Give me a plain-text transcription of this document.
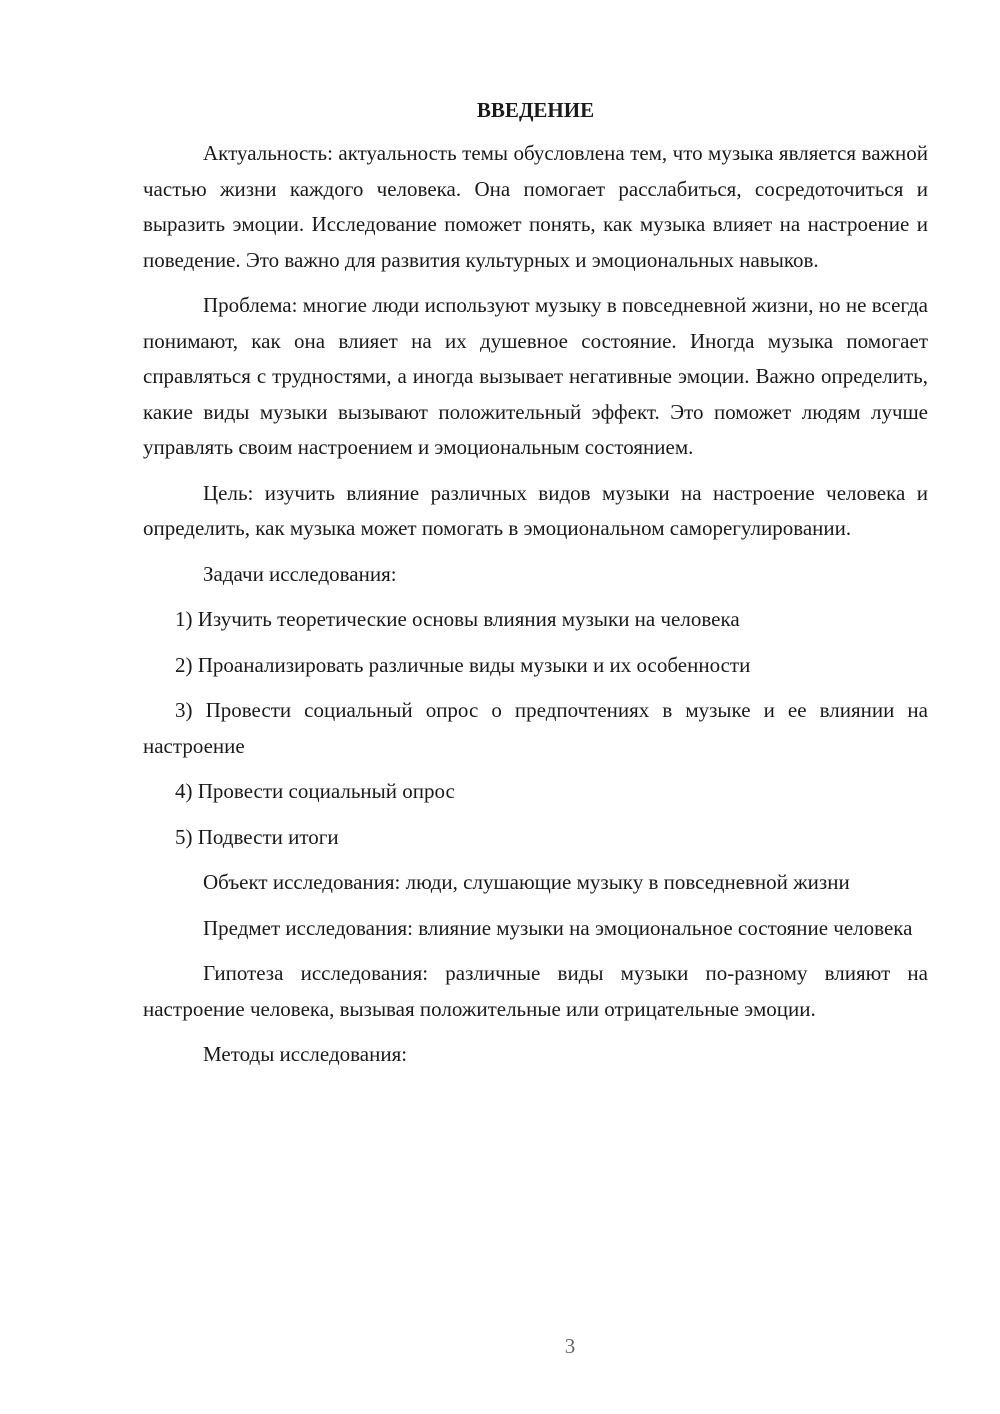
ВВЕДЕНИЕ

Актуальность: актуальность темы обусловлена тем, что музыка является важной частью жизни каждого человека. Она помогает расслабиться, сосредоточиться и выразить эмоции. Исследование поможет понять, как музыка влияет на настроение и поведение. Это важно для развития культурных и эмоциональных навыков.

Проблема: многие люди используют музыку в повседневной жизни, но не всегда понимают, как она влияет на их душевное состояние. Иногда музыка помогает справляться с трудностями, а иногда вызывает негативные эмоции. Важно определить, какие виды музыки вызывают положительный эффект. Это поможет людям лучше управлять своим настроением и эмоциональным состоянием.

Цель: изучить влияние различных видов музыки на настроение человека и определить, как музыка может помогать в эмоциональном саморегулировании.

Задачи исследования:

1) Изучить теоретические основы влияния музыки на человека

2) Проанализировать различные виды музыки и их особенности

3) Провести социальный опрос о предпочтениях в музыке и ее влиянии на настроение

4) Провести социальный опрос

5) Подвести итоги

Объект исследования: люди, слушающие музыку в повседневной жизни

Предмет исследования: влияние музыки на эмоциональное состояние человека

Гипотеза исследования: различные виды музыки по-разному влияют на настроение человека, вызывая положительные или отрицательные эмоции.

Методы исследования:

3
